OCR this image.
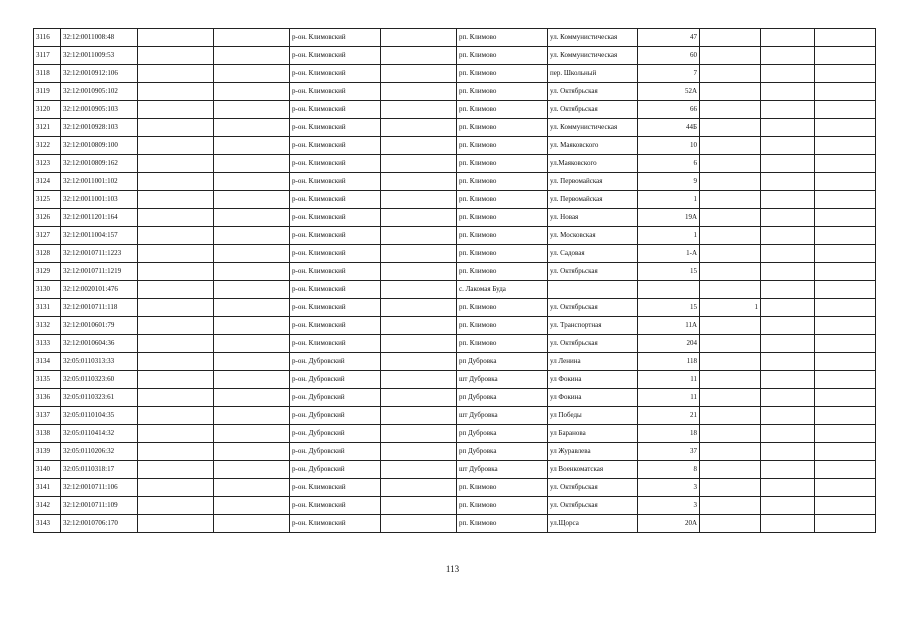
3116	32:12:0011008:48			р-он. Климовский		рп. Климово	ул. Коммунистическая	47			
3117	32:12:0011009:53			р-он. Климовский		рп. Климово	ул. Коммунистическая	60			
3118	32:12:0010912:106			р-он. Климовский		рп. Климово	пер. Школьный	7			
3119	32:12:0010905:102			р-он. Климовский		рп. Климово	ул. Октябрьская	52А			
3120	32:12:0010905:103			р-он. Климовский		рп. Климово	ул. Октябрьская	66			
3121	32:12:0010928:103			р-он. Климовский		рп. Климово	ул. Коммунистическая	44Б			
3122	32:12:0010809:100			р-он. Климовский		рп. Климово	ул. Маяковского	10			
3123	32:12:0010809:162			р-он. Климовский		рп. Климово	ул.Маяковского	6			
3124	32:12:0011001:102			р-он. Климовский		рп. Климово	ул. Первомайская	9			
3125	32:12:0011001:103			р-он. Климовский		рп. Климово	ул. Первомайская	1			
3126	32:12:0011201:164			р-он. Климовский		рп. Климово	ул. Новая	19А			
3127	32:12:0011004:157			р-он. Климовский		рп. Климово	ул. Московская	1			
3128	32:12:0010711:1223			р-он. Климовский		рп. Климово	ул. Садовая	1-А			
3129	32:12:0010711:1219			р-он. Климовский		рп. Климово	ул. Октябрьская	15			
3130	32:12:0020101:476			р-он. Климовский		с. Лакомая Буда					
3131	32:12:0010711:118			р-он. Климовский		рп. Климово	ул. Октябрьская	15	1		
3132	32:12:0010601:79			р-он. Климовский		рп. Климово	ул. Транспортная	11А			
3133	32:12:0010604:36			р-он. Климовский		рп. Климово	ул. Октябрьская	204			
3134	32:05:0110313:33			р-он. Дубровский		рп Дубровка	ул Ленина	118			
3135	32:05:0110323:60			р-он. Дубровский		шт Дубровка	ул Фокина	11			
3136	32:05:0110323:61			р-он. Дубровский		рп Дубровка	ул Фокина	11			
3137	32:05:0110104:35			р-он. Дубровский		шт Дубровка	ул Победы	21			
3138	32:05:0110414:32			р-он. Дубровский		рп Дубровка	ул Баранова	18			
3139	32:05:0110206:32			р-он. Дубровский		рп Дубровка	ул Журавлева	37			
3140	32:05:0110318:17			р-он. Дубровский		шт Дубровка	ул Военкоматская	8			
3141	32:12:0010711:106			р-он. Климовский		рп. Климово	ул. Октябрьская	3			
3142	32:12:0010711:109			р-он. Климовский		рп. Климово	ул. Октябрьская	3			
3143	32:12:0010706:170			р-он. Климовский		рп. Климово	ул.Щорса	20А			
113
